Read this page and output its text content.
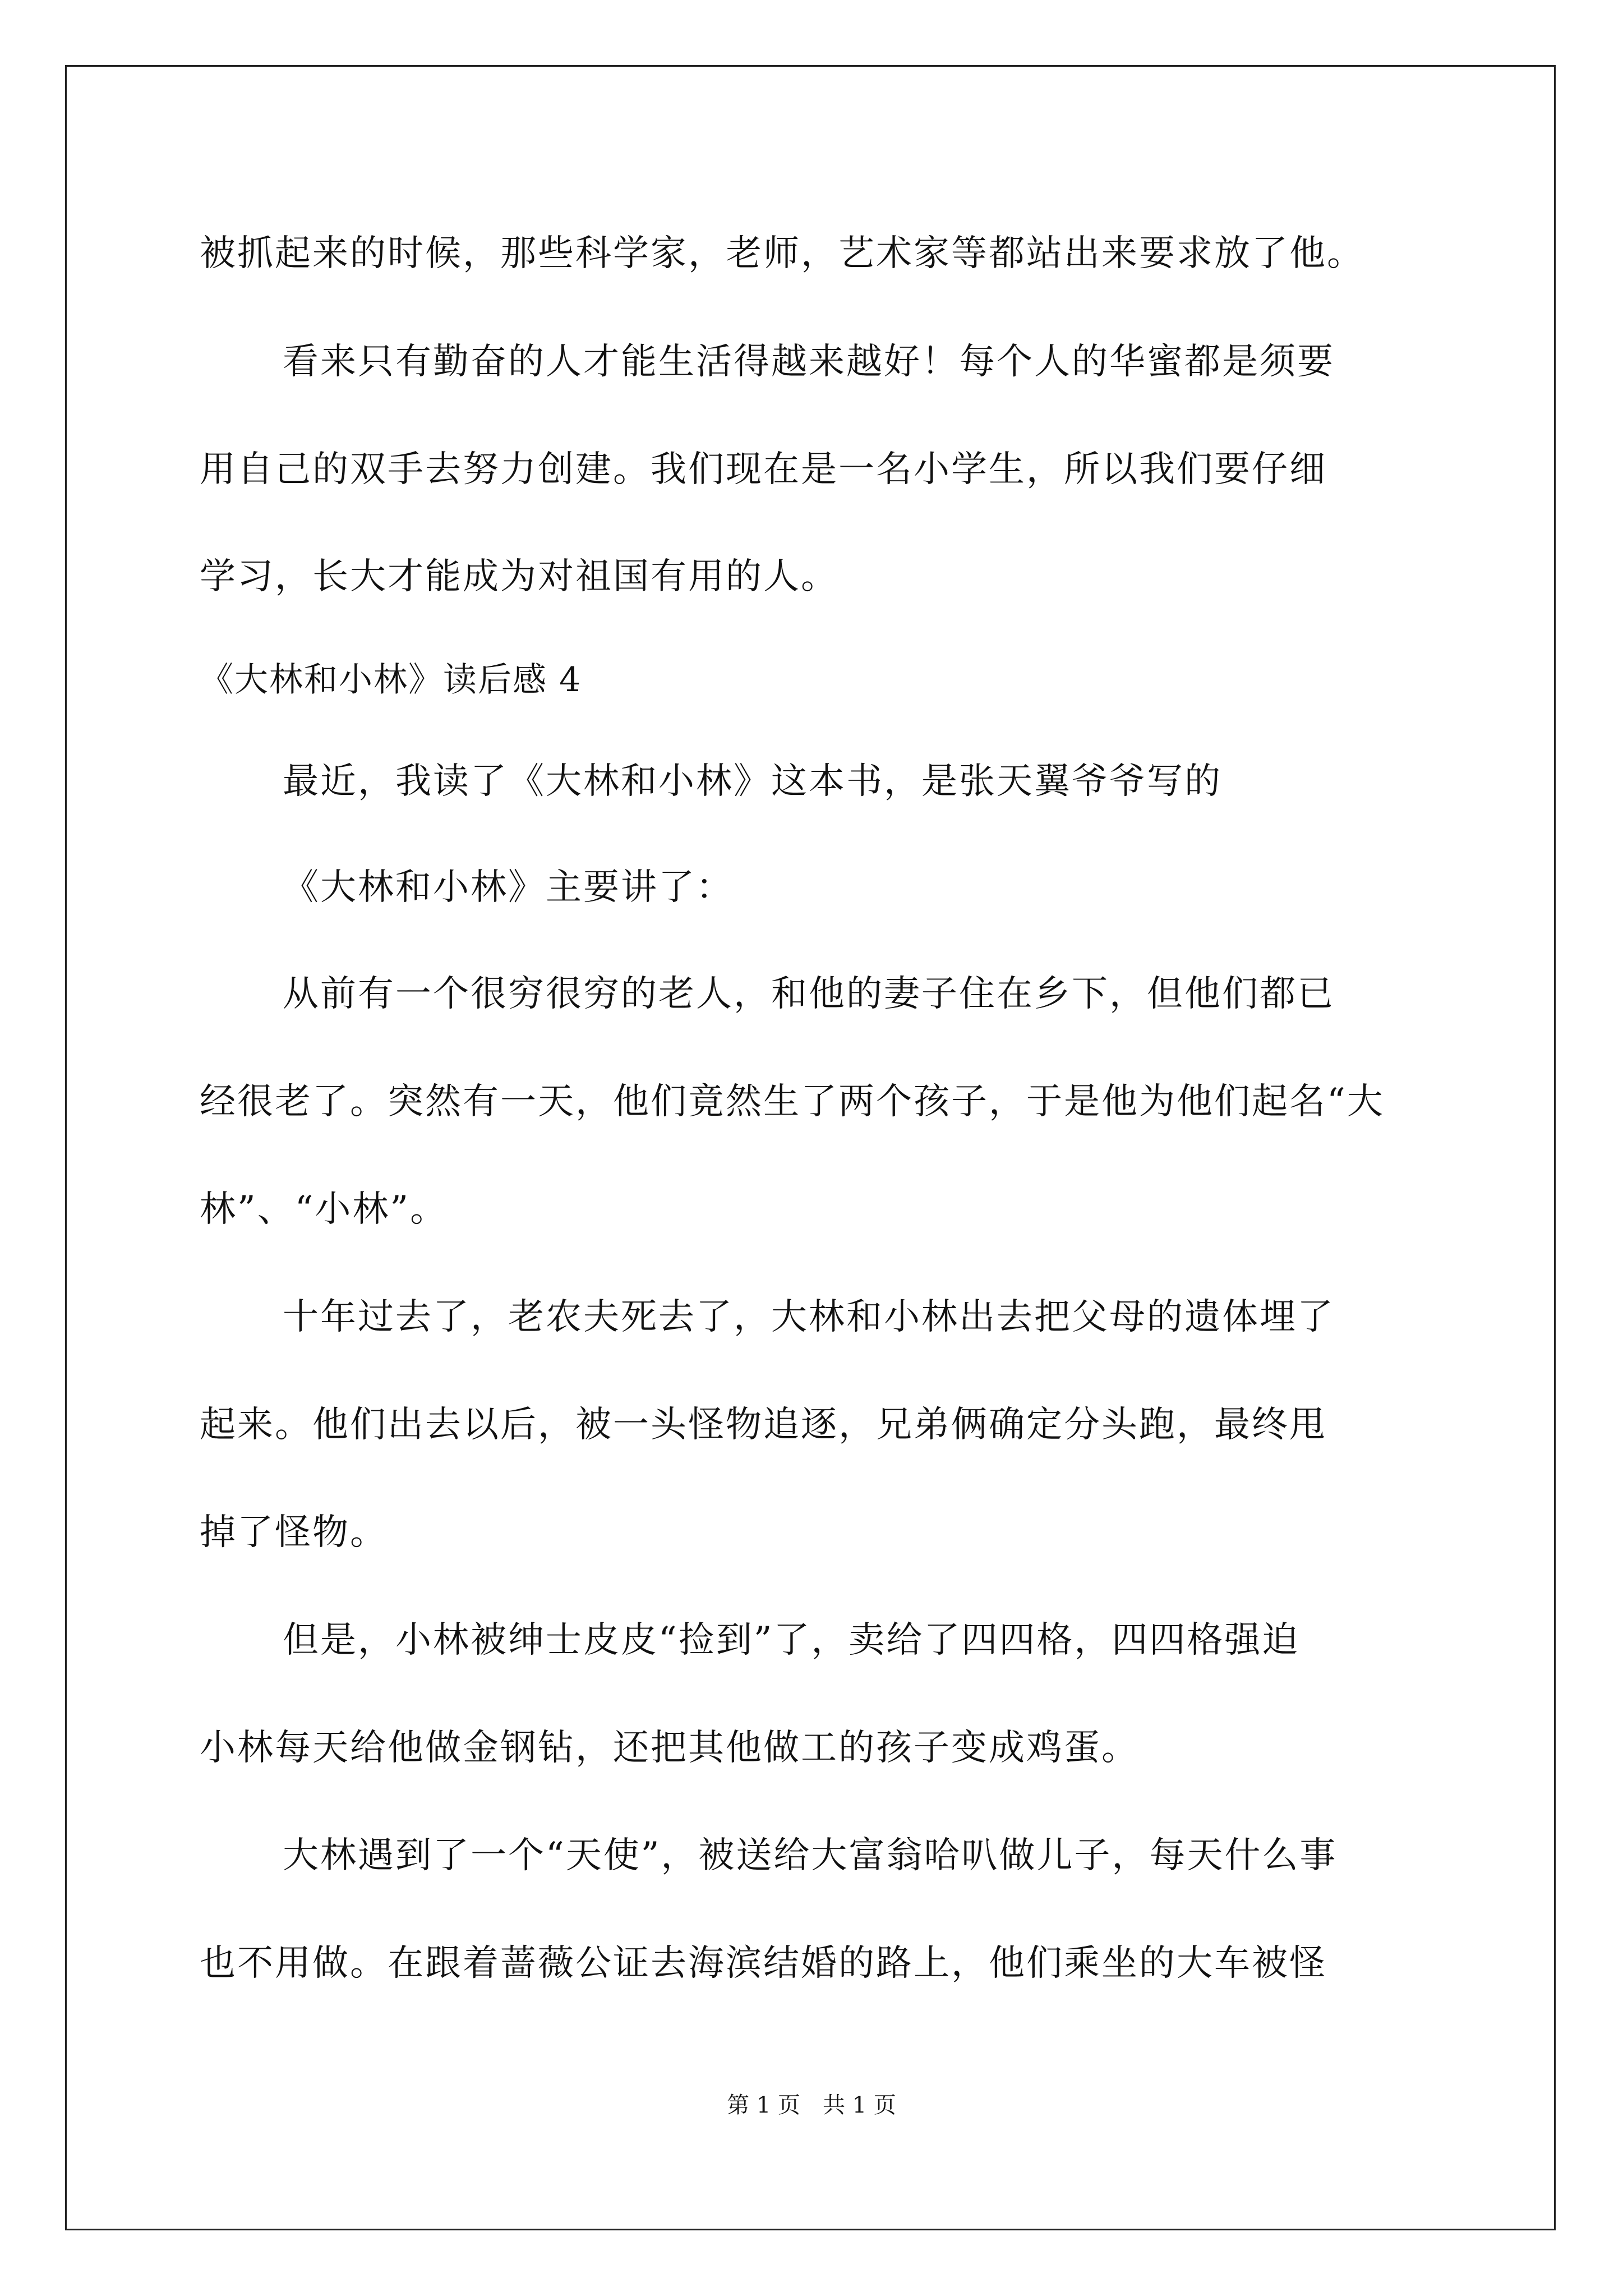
被抓起来的时候，那些科学家，老师，艺术家等都站出来要求放了他。
看来只有勤奋的人才能生活得越来越好！每个人的华蜜都是须要
用自己的双手去努力创建。我们现在是一名小学生，所以我们要仔细
学习，长大才能成为对祖国有用的人。
《大林和小林》读后感 4
最近，我读了《大林和小林》这本书，是张天翼爷爷写的
《大林和小林》主要讲了：
从前有一个很穷很穷的老人，和他的妻子住在乡下，但他们都已
经很老了。突然有一天，他们竟然生了两个孩子，于是他为他们起名“大
林”、“小林”。
十年过去了，老农夫死去了，大林和小林出去把父母的遗体埋了
起来。他们出去以后，被一头怪物追逐，兄弟俩确定分头跑，最终甩
掉了怪物。
但是，小林被绅士皮皮“捡到”了，卖给了四四格，四四格强迫
小林每天给他做金钢钻，还把其他做工的孩子变成鸡蛋。
大林遇到了一个“天使”，被送给大富翁哈叭做儿子，每天什么事
也不用做。在跟着蔷薇公证去海滨结婚的路上，他们乘坐的大车被怪
第 1 页　共 1 页
